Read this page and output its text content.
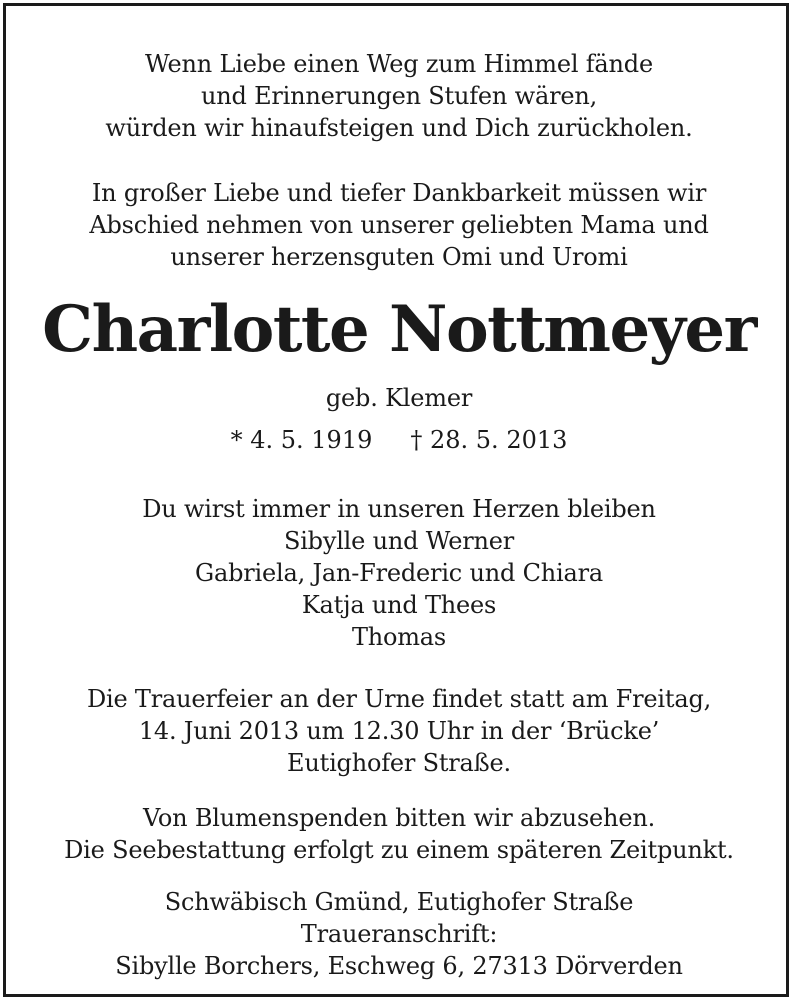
Wenn Liebe einen Weg zum Himmel fände
und Erinnerungen Stufen wären,
würden wir hinaufsteigen und Dich zurückholen.
In großer Liebe und tiefer Dankbarkeit müssen wir
Abschied nehmen von unserer geliebten Mama und
unserer herzensguten Omi und Uromi
Charlotte Nottmeyer
geb. Klemer
* 4. 5. 1919 † 28. 5. 2013
Du wirst immer in unseren Herzen bleiben
Sibylle und Werner
Gabriela, Jan-Frederic und Chiara
Katja und Thees
Thomas
Die Trauerfeier an der Urne findet statt am Freitag,
14. Juni 2013 um 12.30 Uhr in der ‘Brücke’
Eutighofer Straße.
Von Blumenspenden bitten wir abzusehen.
Die Seebestattung erfolgt zu einem späteren Zeitpunkt.
Schwäbisch Gmünd, Eutighofer Straße
Traueranschrift:
Sibylle Borchers, Eschweg 6, 27313 Dörverden
